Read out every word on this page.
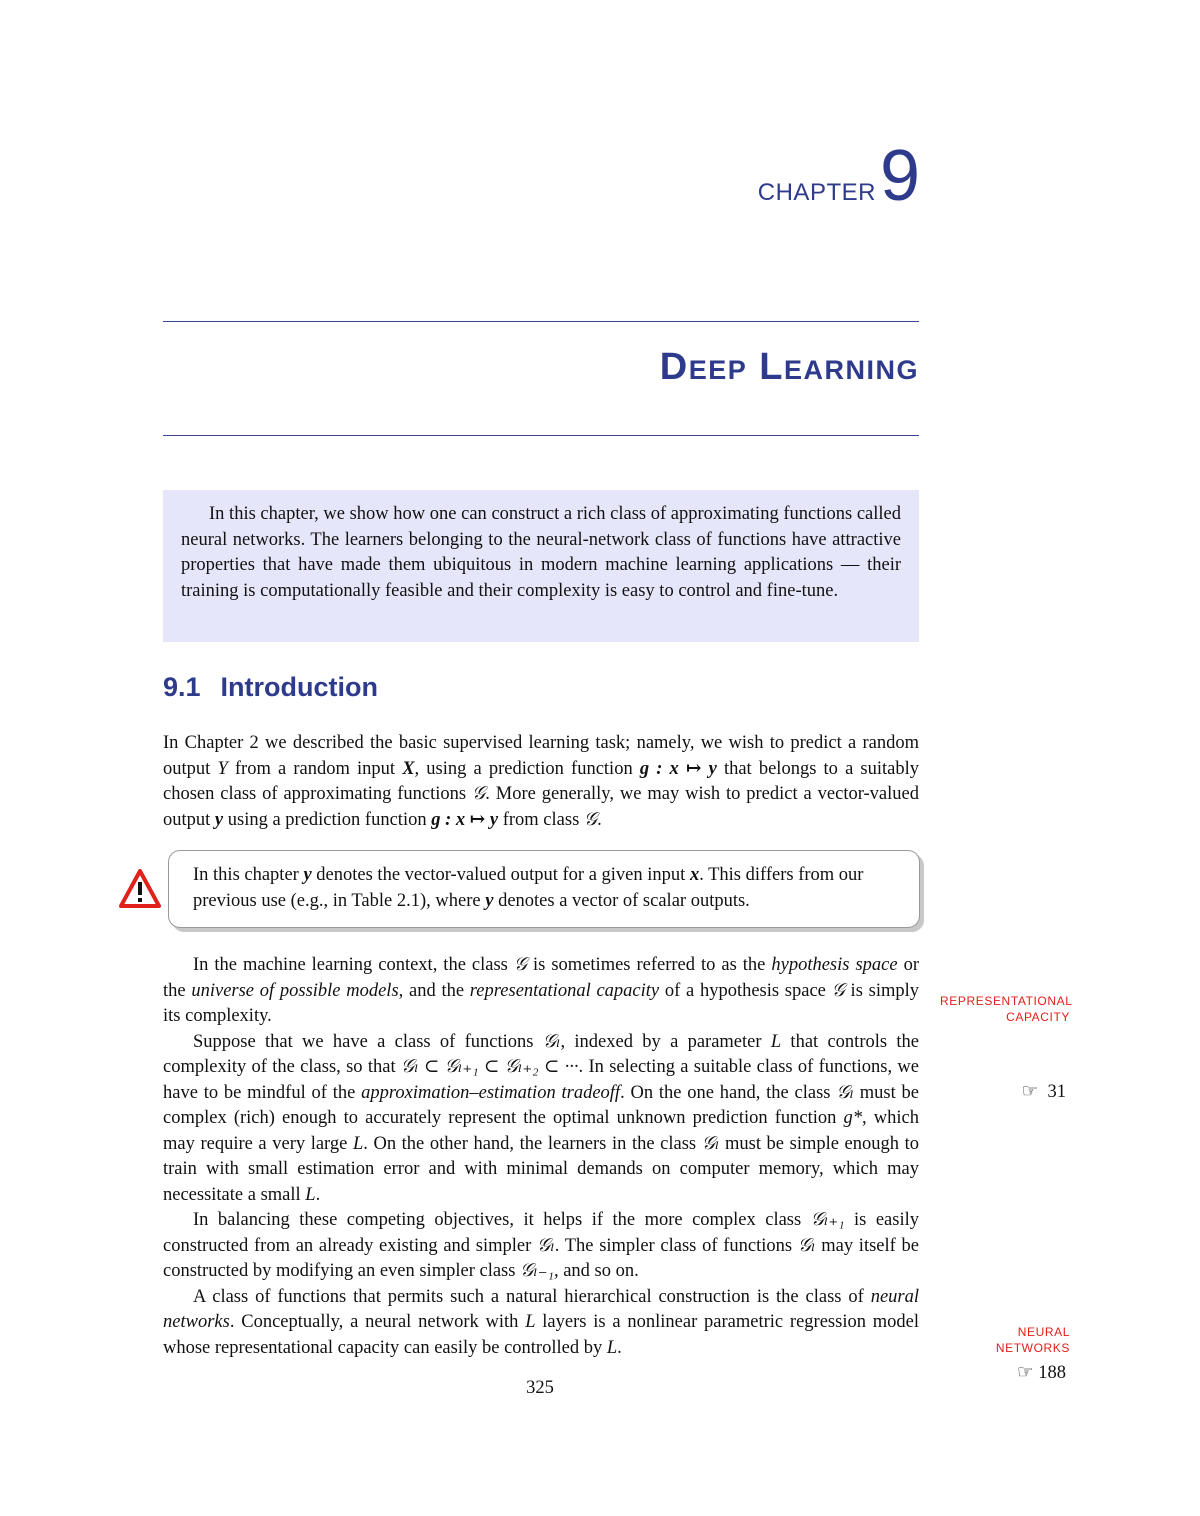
CHAPTER9
Deep Learning
In this chapter, we show how one can construct a rich class of approximating functions called neural networks. The learners belonging to the neural-network class of functions have attractive properties that have made them ubiquitous in modern machine learning applications — their training is computationally feasible and their complexity is easy to control and fine-tune.
9.1 Introduction

In Chapter 2 we described the basic supervised learning task; namely, we wish to predict a random output Y from a random input X, using a prediction function g : x ↦ y that belongs to a suitably chosen class of approximating functions 𝒢. More generally, we may wish to predict a vector-valued output y using a prediction function g : x ↦ y from class 𝒢.

In this chapter y denotes the vector-valued output for a given input x. This differs from our previous use (e.g., in Table 2.1), where y denotes a vector of scalar outputs.

In the machine learning context, the class 𝒢 is sometimes referred to as the hypothesis space or the universe of possible models, and the representational capacity of a hypothesis space 𝒢 is simply its complexity.

Suppose that we have a class of functions 𝒢ₗ, indexed by a parameter L that controls the complexity of the class, so that 𝒢ₗ ⊂ 𝒢ₗ₊₁ ⊂ 𝒢ₗ₊₂ ⊂ ···. In selecting a suitable class of functions, we have to be mindful of the approximation–estimation tradeoff. On the one hand, the class 𝒢ₗ must be complex (rich) enough to accurately represent the optimal unknown prediction function g*, which may require a very large L. On the other hand, the learners in the class 𝒢ₗ must be simple enough to train with small estimation error and with minimal demands on computer memory, which may necessitate a small L.

In balancing these competing objectives, it helps if the more complex class 𝒢ₗ₊₁ is easily constructed from an already existing and simpler 𝒢ₗ. The simpler class of functions 𝒢ₗ may itself be constructed by modifying an even simpler class 𝒢ₗ₋₁, and so on.

A class of functions that permits such a natural hierarchical construction is the class of neural networks. Conceptually, a neural network with L layers is a nonlinear parametric regression model whose representational capacity can easily be controlled by L.

REPRESENTATIONAL
CAPACITY
☞ 31
NEURAL
NETWORKS
☞ 188
325
